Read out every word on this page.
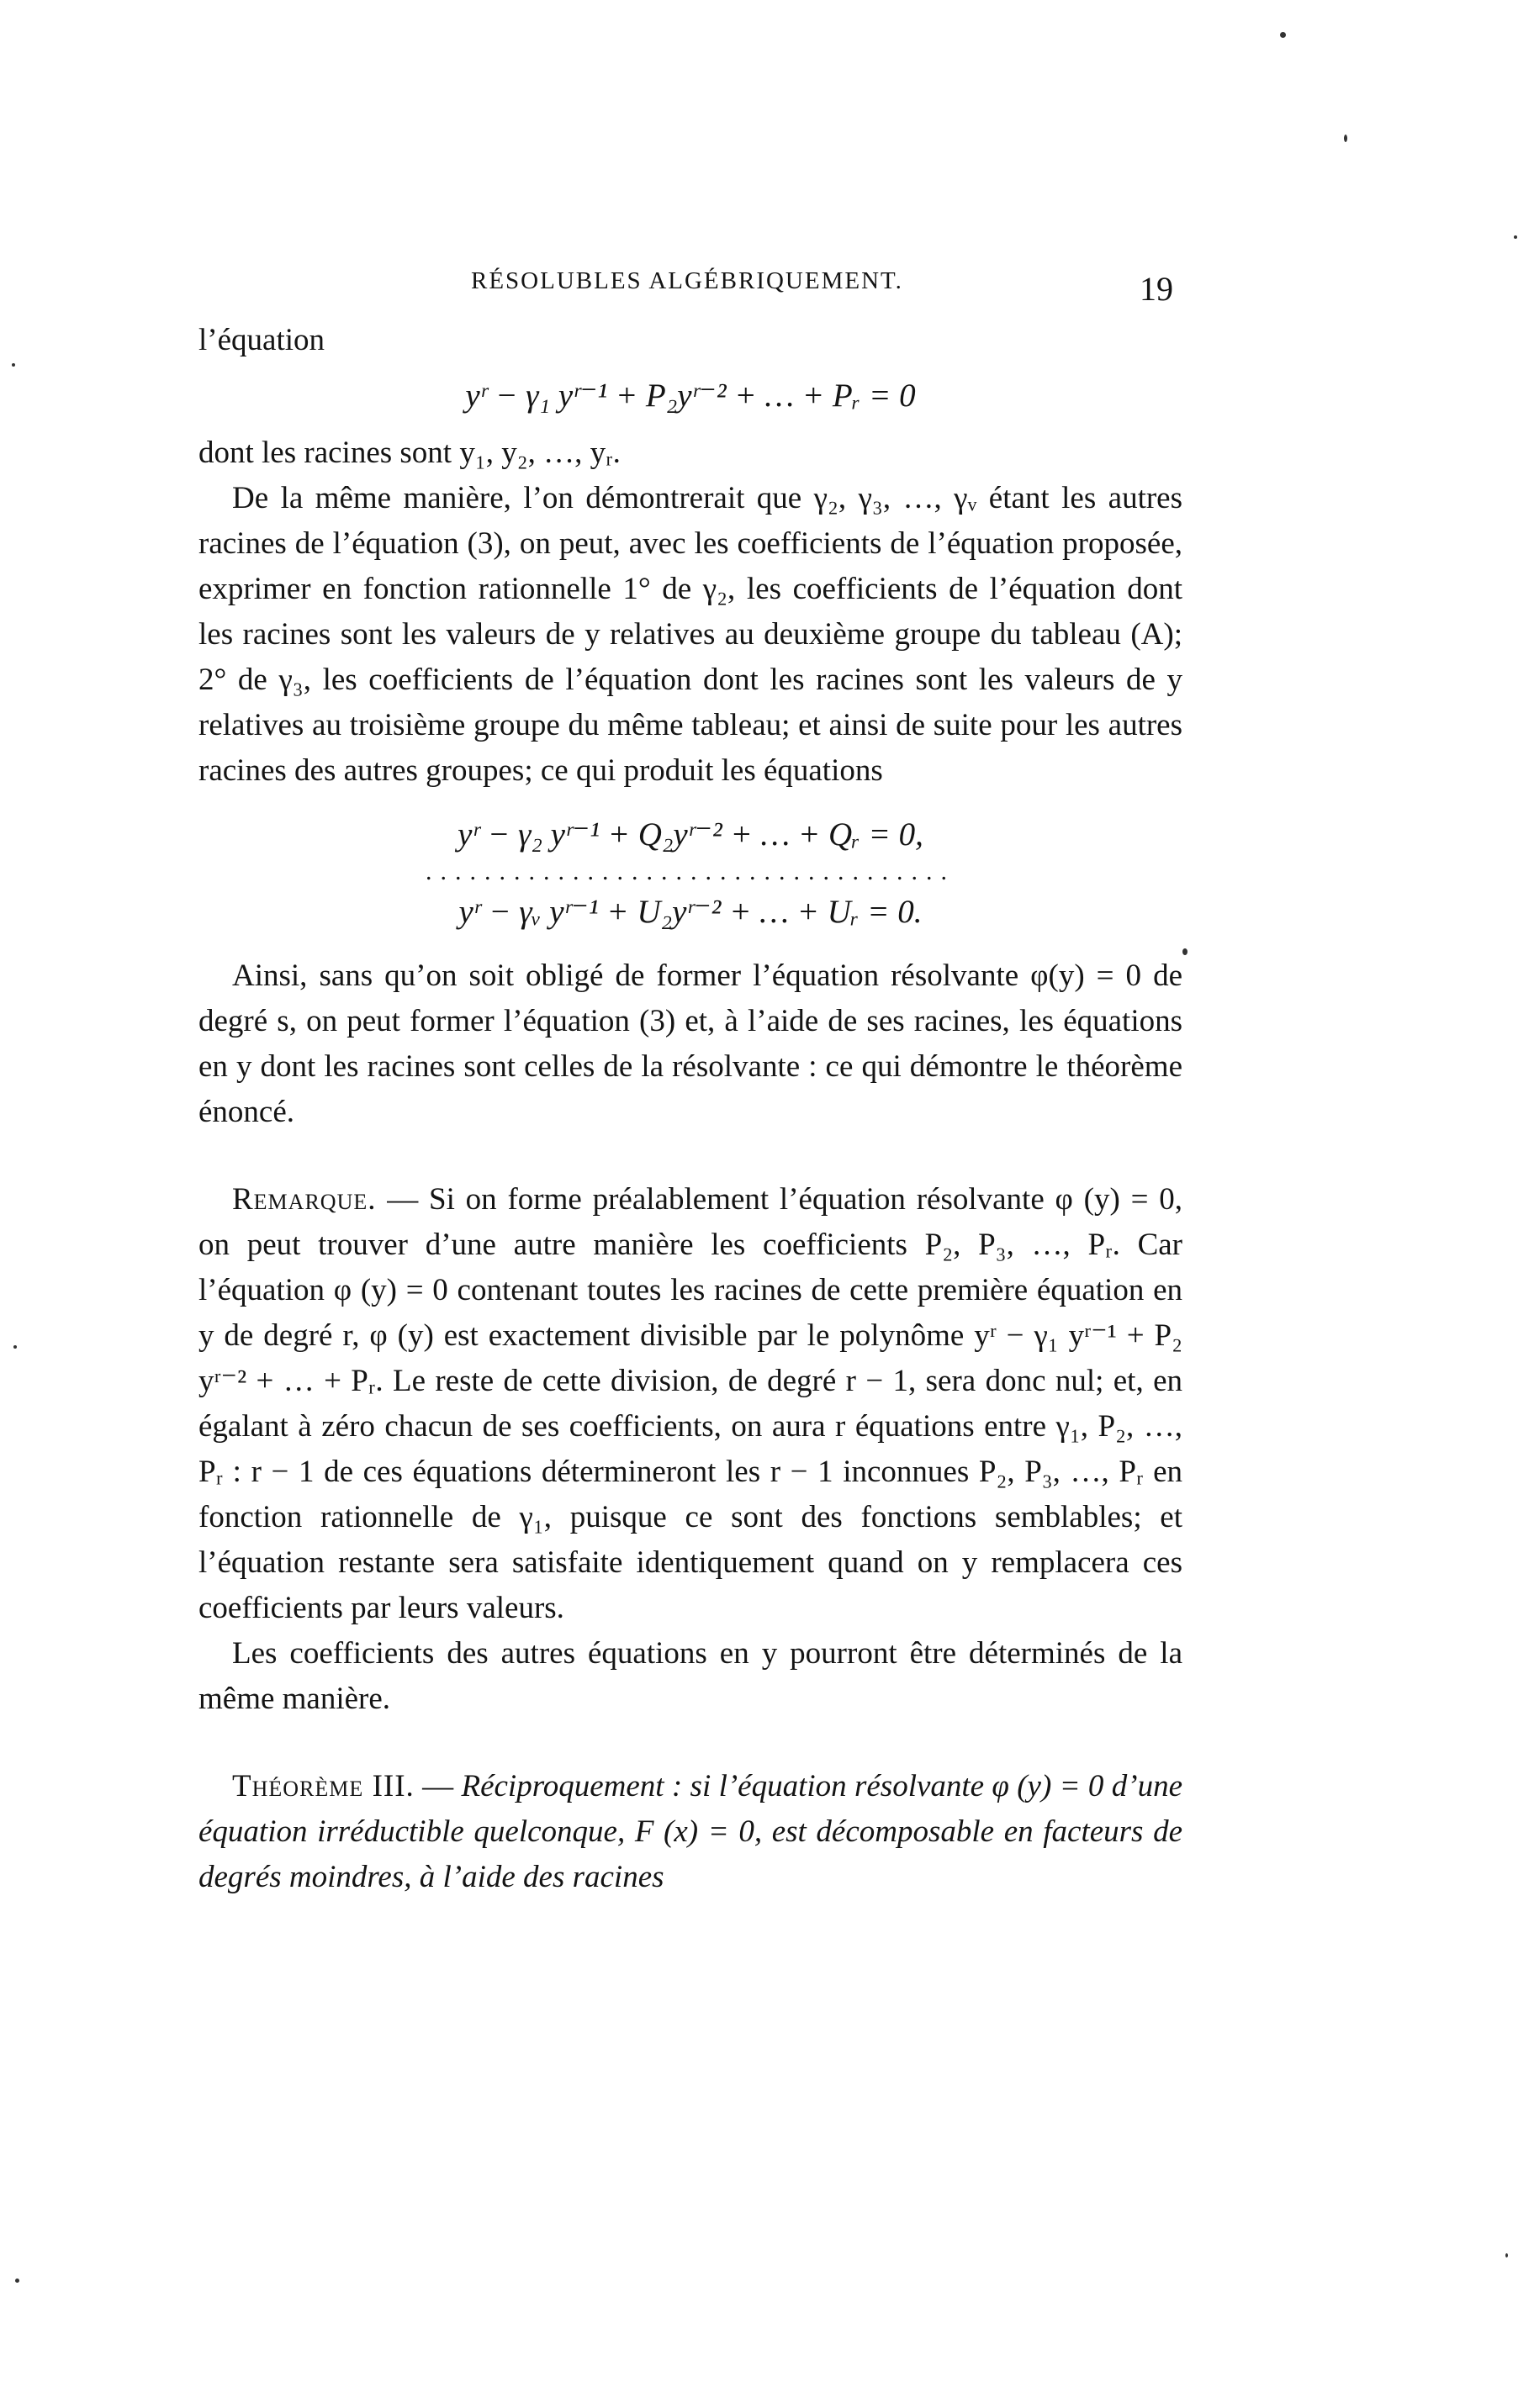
RÉSOLUBLES ALGÉBRIQUEMENT.	19

l’équation

yʳ − γ₁ yʳ⁻¹ + P₂yʳ⁻² + … + Pᵣ = 0

dont les racines sont y₁, y₂, …, yᵣ.

De la même manière, l’on démontrerait que γ₂, γ₃, …, γᵥ étant les autres racines de l’équation (3), on peut, avec les coefficients de l’équation proposée, exprimer en fonction rationnelle 1° de γ₂, les coefficients de l’équation dont les racines sont les valeurs de y relatives au deuxième groupe du tableau (A); 2° de γ₃, les coefficients de l’équation dont les racines sont les valeurs de y relatives au troisième groupe du même tableau; et ainsi de suite pour les autres racines des autres groupes; ce qui produit les équations

yʳ − γ₂ yʳ⁻¹ + Q₂yʳ⁻² + … + Qᵣ = 0,
....................................
yʳ − γᵥ yʳ⁻¹ + U₂yʳ⁻² + … + Uᵣ = 0.

Ainsi, sans qu’on soit obligé de former l’équation résolvante φ(y) = 0 de degré s, on peut former l’équation (3) et, à l’aide de ses racines, les équations en y dont les racines sont celles de la résolvante : ce qui démontre le théorème énoncé.

Remarque. — Si on forme préalablement l’équation résolvante φ (y) = 0, on peut trouver d’une autre manière les coefficients P₂, P₃, …, Pᵣ. Car l’équation φ (y) = 0 contenant toutes les racines de cette première équation en y de degré r, φ (y) est exactement divisible par le polynôme yʳ − γ₁ yʳ⁻¹ + P₂ yʳ⁻² + … + Pᵣ. Le reste de cette division, de degré r − 1, sera donc nul; et, en égalant à zéro chacun de ses coefficients, on aura r équations entre γ₁, P₂, …, Pᵣ : r − 1 de ces équations détermineront les r − 1 inconnues P₂, P₃, …, Pᵣ en fonction rationnelle de γ₁, puisque ce sont des fonctions semblables; et l’équation restante sera satisfaite identiquement quand on y remplacera ces coefficients par leurs valeurs.

Les coefficients des autres équations en y pourront être déterminés de la même manière.

Théorème III. — Réciproquement : si l’équation résolvante φ (y) = 0 d’une équation irréductible quelconque, F (x) = 0, est décomposable en facteurs de degrés moindres, à l’aide des racines
